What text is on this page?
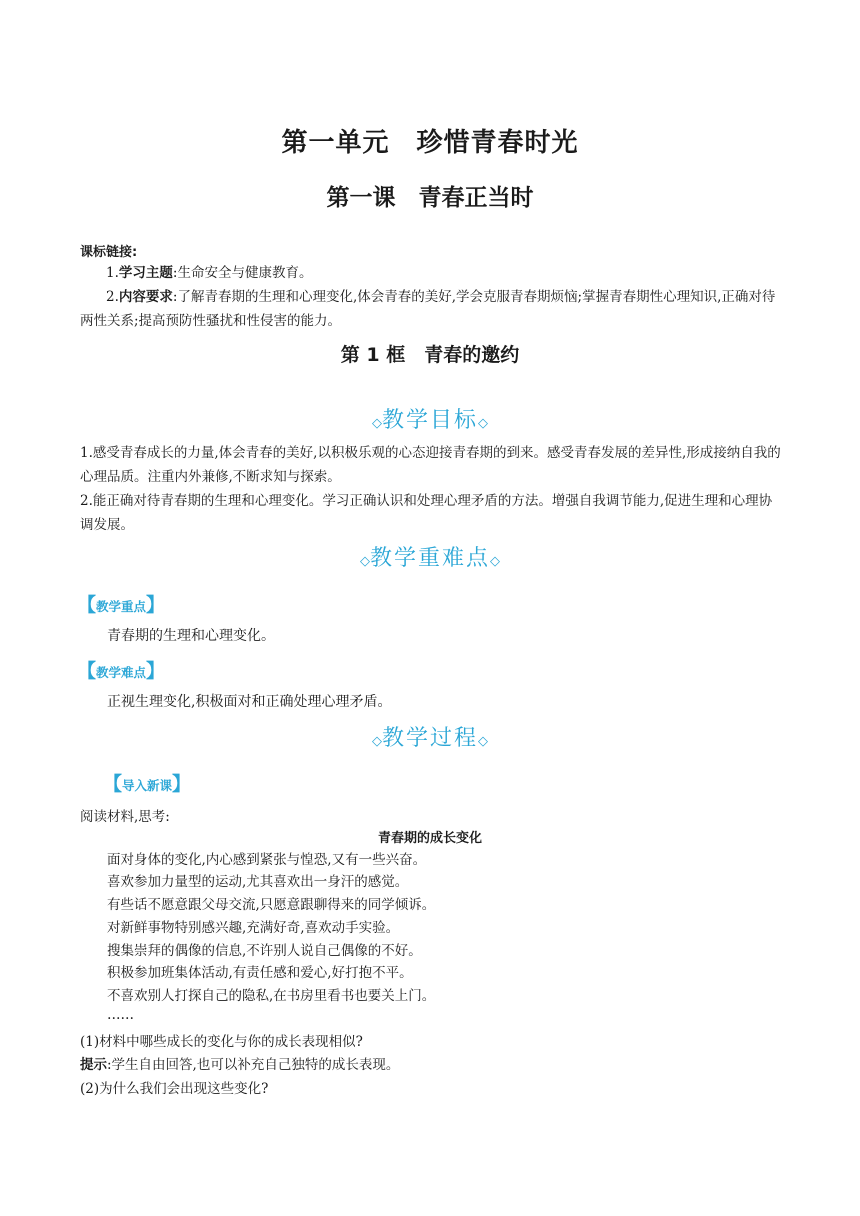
第一单元　珍惜青春时光
第一课　青春正当时
课标链接:
1.学习主题:生命安全与健康教育。
2.内容要求:了解青春期的生理和心理变化,体会青春的美好,学会克服青春期烦恼;掌握青春期性心理知识,正确对待两性关系;提高预防性骚扰和性侵害的能力。
第 1 框　青春的邀约
◇教学目标◇
1.感受青春成长的力量,体会青春的美好,以积极乐观的心态迎接青春期的到来。感受青春发展的差异性,形成接纳自我的心理品质。注重内外兼修,不断求知与探索。
2.能正确对待青春期的生理和心理变化。学习正确认识和处理心理矛盾的方法。增强自我调节能力,促进生理和心理协调发展。
◇教学重难点◇
【教学重点】
青春期的生理和心理变化。
【教学难点】
正视生理变化,积极面对和正确处理心理矛盾。
◇教学过程◇
【导入新课】
阅读材料,思考:
青春期的成长变化
面对身体的变化,内心感到紧张与惶恐,又有一些兴奋。
喜欢参加力量型的运动,尤其喜欢出一身汗的感觉。
有些话不愿意跟父母交流,只愿意跟聊得来的同学倾诉。
对新鲜事物特别感兴趣,充满好奇,喜欢动手实验。
搜集崇拜的偶像的信息,不许别人说自己偶像的不好。
积极参加班集体活动,有责任感和爱心,好打抱不平。
不喜欢别人打探自己的隐私,在书房里看书也要关上门。
……
(1)材料中哪些成长的变化与你的成长表现相似?
提示:学生自由回答,也可以补充自己独特的成长表现。
(2)为什么我们会出现这些变化?
